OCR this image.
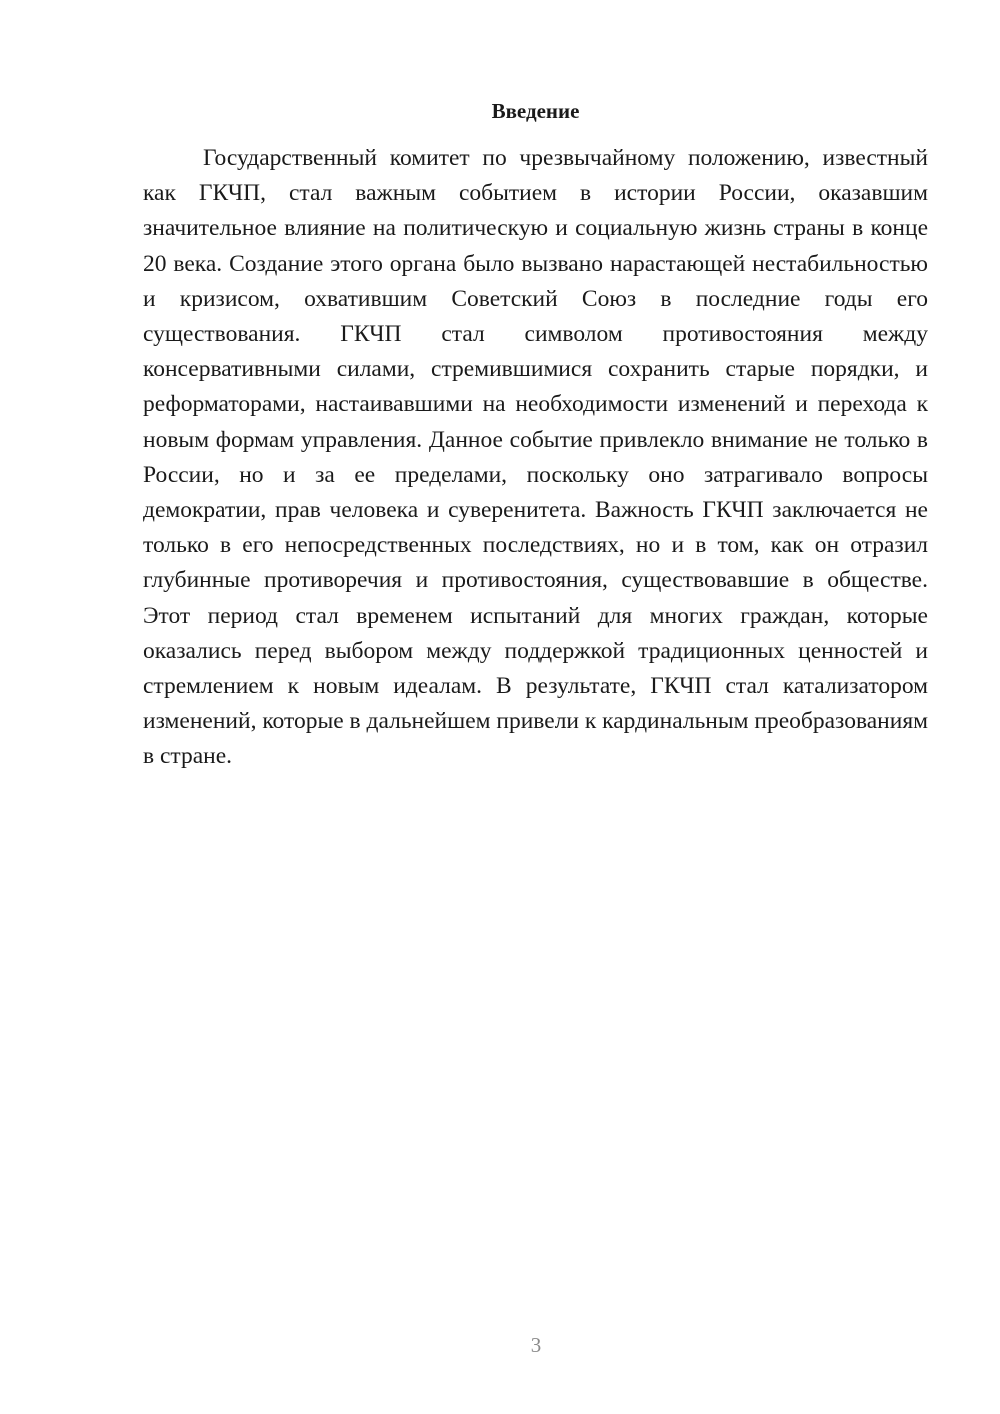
Введение

Государственный комитет по чрезвычайному положению, известный как ГКЧП, стал важным событием в истории России, оказавшим значительное влияние на политическую и социальную жизнь страны в конце 20 века. Создание этого органа было вызвано нарастающей нестабильностью и кризисом, охватившим Советский Союз в последние годы его существования. ГКЧП стал символом противостояния между консервативными силами, стремившимися сохранить старые порядки, и реформаторами, настаивавшими на необходимости изменений и перехода к новым формам управления. Данное событие привлекло внимание не только в России, но и за ее пределами, поскольку оно затрагивало вопросы демократии, прав человека и суверенитета. Важность ГКЧП заключается не только в его непосредственных последствиях, но и в том, как он отразил глубинные противоречия и противостояния, существовавшие в обществе. Этот период стал временем испытаний для многих граждан, которые оказались перед выбором между поддержкой традиционных ценностей и стремлением к новым идеалам. В результате, ГКЧП стал катализатором изменений, которые в дальнейшем привели к кардинальным преобразованиям в стране.

3
